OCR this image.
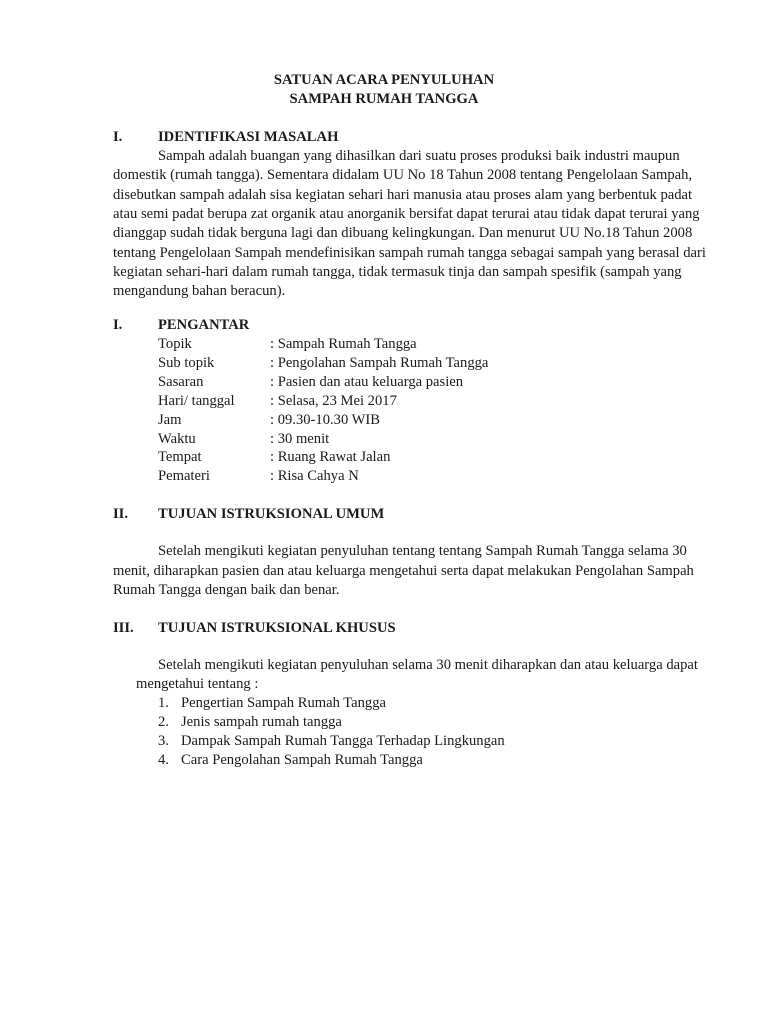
SATUAN ACARA PENYULUHAN
SAMPAH RUMAH TANGGA
I. IDENTIFIKASI MASALAH
Sampah adalah buangan yang dihasilkan dari suatu proses produksi baik industri maupun
domestik (rumah tangga). Sementara didalam UU No 18 Tahun 2008 tentang Pengelolaan Sampah,
disebutkan sampah adalah sisa kegiatan sehari hari manusia atau proses alam yang berbentuk padat
atau semi padat berupa zat organik atau anorganik bersifat dapat terurai atau tidak dapat terurai yang
dianggap sudah tidak berguna lagi dan dibuang kelingkungan. Dan menurut UU No.18 Tahun 2008
tentang Pengelolaan Sampah mendefinisikan sampah rumah tangga sebagai sampah yang berasal dari
kegiatan sehari-hari dalam rumah tangga, tidak termasuk tinja dan sampah spesifik (sampah yang
mengandung bahan beracun).
I. PENGANTAR
Topik	: Sampah Rumah Tangga
Sub topik	: Pengolahan Sampah Rumah Tangga
Sasaran	: Pasien dan atau keluarga pasien
Hari/ tanggal : Selasa, 23 Mei 2017
Jam	: 09.30-10.30 WIB
Waktu	: 30 menit
Tempat	: Ruang Rawat Jalan
Pemateri	: Risa Cahya N
II. TUJUAN ISTRUKSIONAL UMUM
Setelah mengikuti kegiatan penyuluhan tentang tentang Sampah Rumah Tangga selama 30
menit, diharapkan pasien dan atau keluarga mengetahui serta dapat melakukan Pengolahan Sampah
Rumah Tangga dengan baik dan benar.
III. TUJUAN ISTRUKSIONAL KHUSUS
Setelah mengikuti kegiatan penyuluhan selama 30 menit diharapkan dan atau keluarga dapat
mengetahui tentang :
1. Pengertian Sampah Rumah Tangga
2. Jenis sampah rumah tangga
3. Dampak Sampah Rumah Tangga Terhadap Lingkungan
4. Cara Pengolahan Sampah Rumah Tangga
